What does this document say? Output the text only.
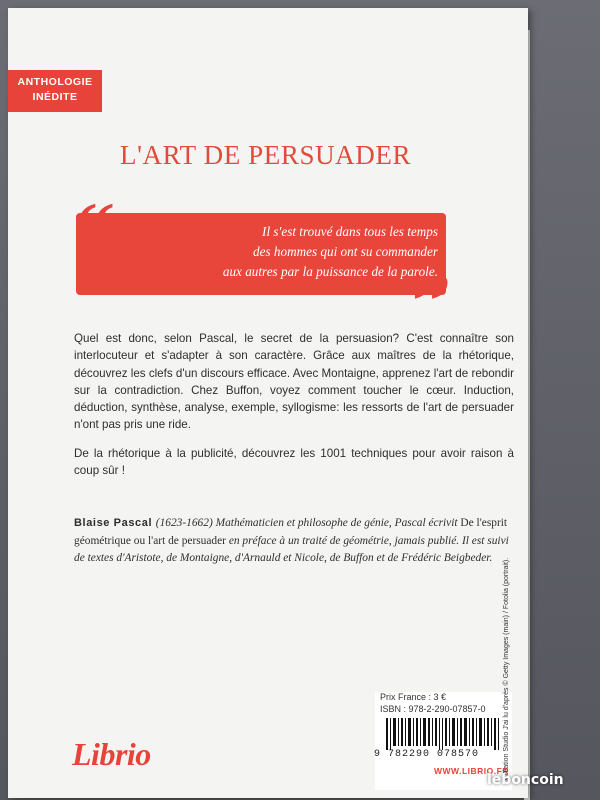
ANTHOLOGIE
INÉDITE
L'ART DE PERSUADER
“
”
Il s'est trouvé dans tous les temps
des hommes qui ont su commander
aux autres par la puissance de la parole.

Quel est donc, selon Pascal, le secret de la persuasion? C'est connaître son interlocuteur et s'adapter à son caractère. Grâce aux maîtres de la rhétorique, découvrez les clefs d'un discours efficace. Avec Montaigne, apprenez l'art de rebondir sur la contradiction. Chez Buffon, voyez comment toucher le cœur. Induction, déduction, synthèse, analyse, exemple, syllogisme: les ressorts de l'art de persuader n'ont pas pris une ride.

De la rhétorique à la publicité, découvrez les 1001 techniques pour avoir raison à coup sûr !

Blaise Pascal (1623-1662) Mathématicien et philosophe de génie, Pascal écrivit De l'esprit géométrique ou l'art de persuader en préface à un traité de géométrie, jamais publié. Il est suivi de textes d'Aristote, de Montaigne, d'Arnauld et Nicole, de Buffon et de Frédéric Beigbeder.
Librio
Prix France : 3 €
ISBN : 978-2-290-07857-0
9 782290 078570
WWW.LIBRIO.FR
Création Studio J'ai lu d'après © Getty Images (main) / Fotolia (portrait).
leboncoin
